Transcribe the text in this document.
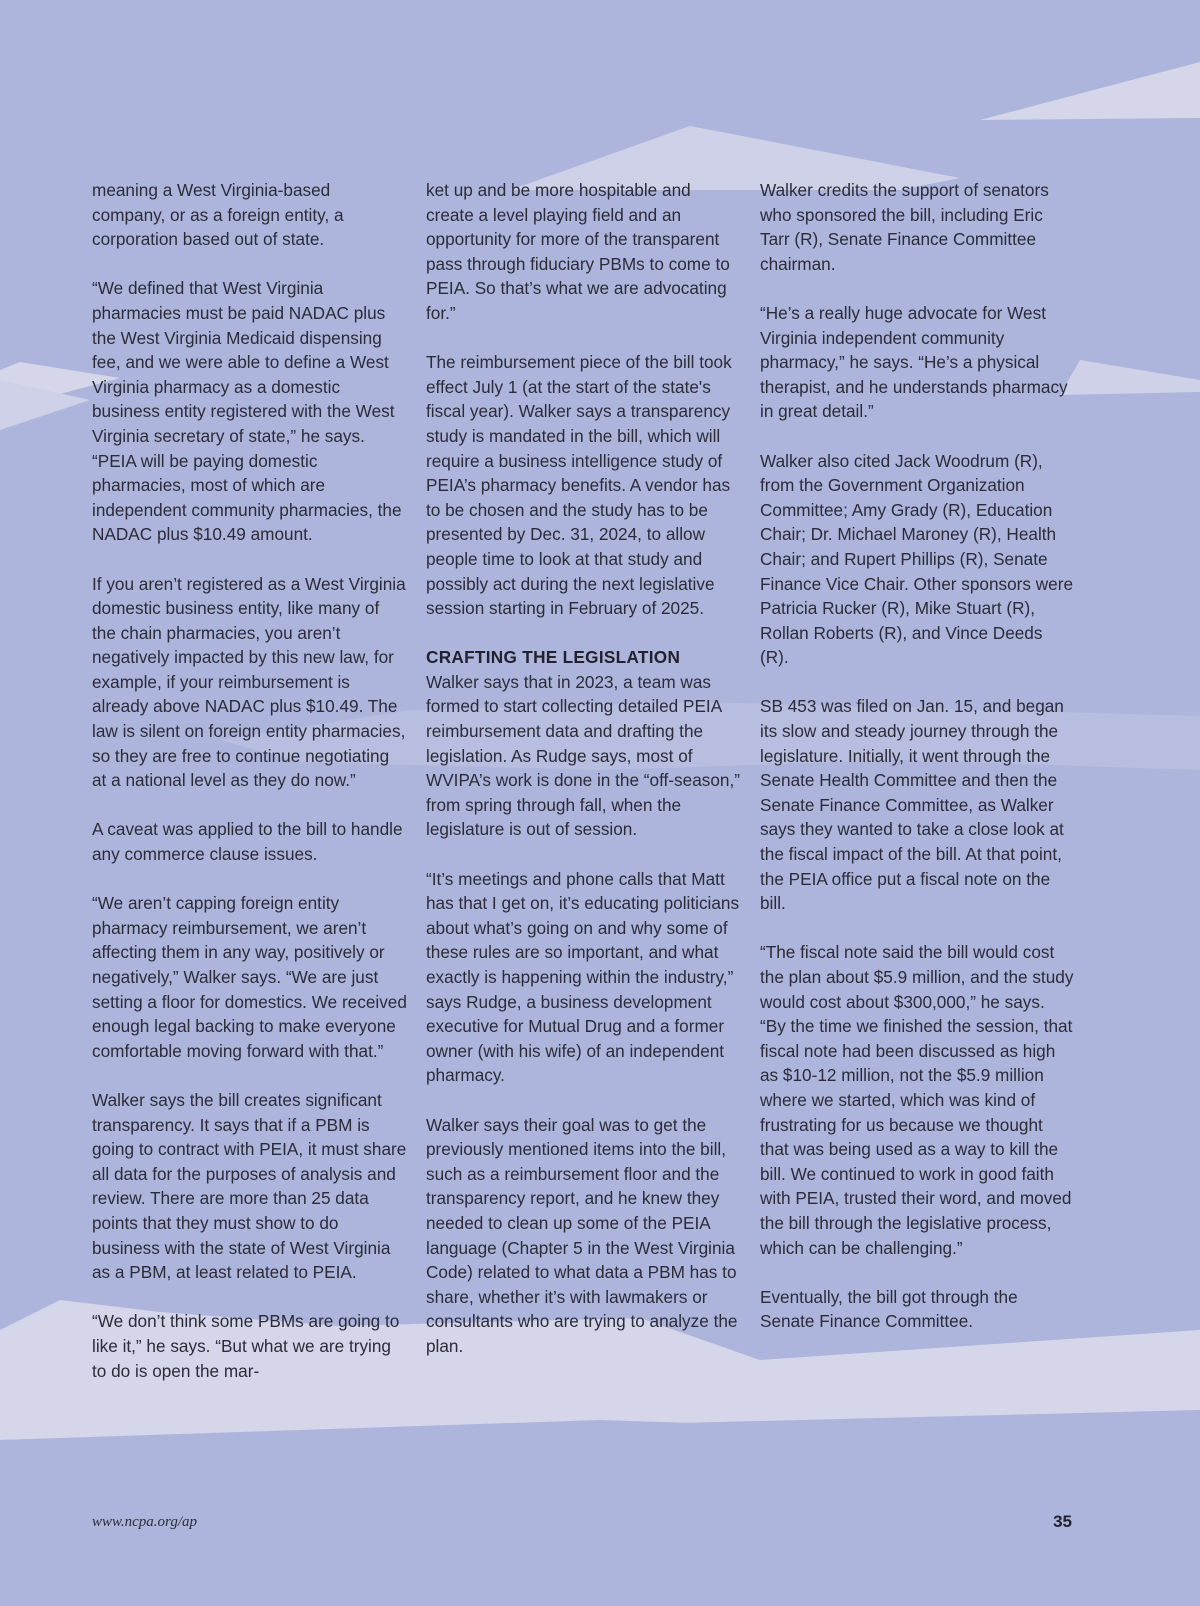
meaning a West Virginia-based company, or as a foreign entity, a corporation based out of state.

“We defined that West Virginia pharmacies must be paid NADAC plus the West Virginia Medicaid dispensing fee, and we were able to define a West Virginia pharmacy as a domestic business entity registered with the West Virginia secretary of state,” he says. “PEIA will be paying domestic pharmacies, most of which are independent community pharmacies, the NADAC plus $10.49 amount.

If you aren’t registered as a West Virginia domestic business entity, like many of the chain pharmacies, you aren’t negatively impacted by this new law, for example, if your reimbursement is already above NADAC plus $10.49. The law is silent on foreign entity pharmacies, so they are free to continue negotiating at a national level as they do now.”

A caveat was applied to the bill to handle any commerce clause issues.

“We aren’t capping foreign entity pharmacy reimbursement, we aren’t affecting them in any way, positively or negatively,” Walker says. “We are just setting a floor for domestics. We received enough legal backing to make everyone comfortable moving forward with that.”

Walker says the bill creates significant transparency. It says that if a PBM is going to contract with PEIA, it must share all data for the purposes of analysis and review. There are more than 25 data points that they must show to do business with the state of West Virginia as a PBM, at least related to PEIA.

“We don’t think some PBMs are going to like it,” he says. “But what we are trying to do is open the mar-

ket up and be more hospitable and create a level playing field and an opportunity for more of the transparent pass through fiduciary PBMs to come to PEIA. So that’s what we are advocating for.”

The reimbursement piece of the bill took effect July 1 (at the start of the state's fiscal year). Walker says a transparency study is mandated in the bill, which will require a business intelligence study of PEIA’s pharmacy benefits. A vendor has to be chosen and the study has to be presented by Dec. 31, 2024, to allow people time to look at that study and possibly act during the next legislative session starting in February of 2025.

CRAFTING THE LEGISLATION

Walker says that in 2023, a team was formed to start collecting detailed PEIA reimbursement data and drafting the legislation. As Rudge says, most of WVIPA’s work is done in the “off-season,” from spring through fall, when the legislature is out of session.

“It’s meetings and phone calls that Matt has that I get on, it’s educating politicians about what’s going on and why some of these rules are so important, and what exactly is happening within the industry,” says Rudge, a business development executive for Mutual Drug and a former owner (with his wife) of an independent pharmacy.

Walker says their goal was to get the previously mentioned items into the bill, such as a reimbursement floor and the transparency report, and he knew they needed to clean up some of the PEIA language (Chapter 5 in the West Virginia Code) related to what data a PBM has to share, whether it’s with lawmakers or consultants who are trying to analyze the plan.

Walker credits the support of senators who sponsored the bill, including Eric Tarr (R), Senate Finance Committee chairman.

“He’s a really huge advocate for West Virginia independent community pharmacy,” he says. “He’s a physical therapist, and he understands pharmacy in great detail.”

Walker also cited Jack Woodrum (R), from the Government Organization Committee; Amy Grady (R), Education Chair; Dr. Michael Maroney (R), Health Chair; and Rupert Phillips (R), Senate Finance Vice Chair. Other sponsors were Patricia Rucker (R), Mike Stuart (R), Rollan Roberts (R), and Vince Deeds (R).

SB 453 was filed on Jan. 15, and began its slow and steady journey through the legislature. Initially, it went through the Senate Health Committee and then the Senate Finance Committee, as Walker says they wanted to take a close look at the fiscal impact of the bill. At that point, the PEIA office put a fiscal note on the bill.

“The fiscal note said the bill would cost the plan about $5.9 million, and the study would cost about $300,000,” he says. “By the time we finished the session, that fiscal note had been discussed as high as $10-12 million, not the $5.9 million where we started, which was kind of frustrating for us because we thought that was being used as a way to kill the bill. We continued to work in good faith with PEIA, trusted their word, and moved the bill through the legislative process, which can be challenging.”

Eventually, the bill got through the Senate Finance Committee.

www.ncpa.org/ap	35
